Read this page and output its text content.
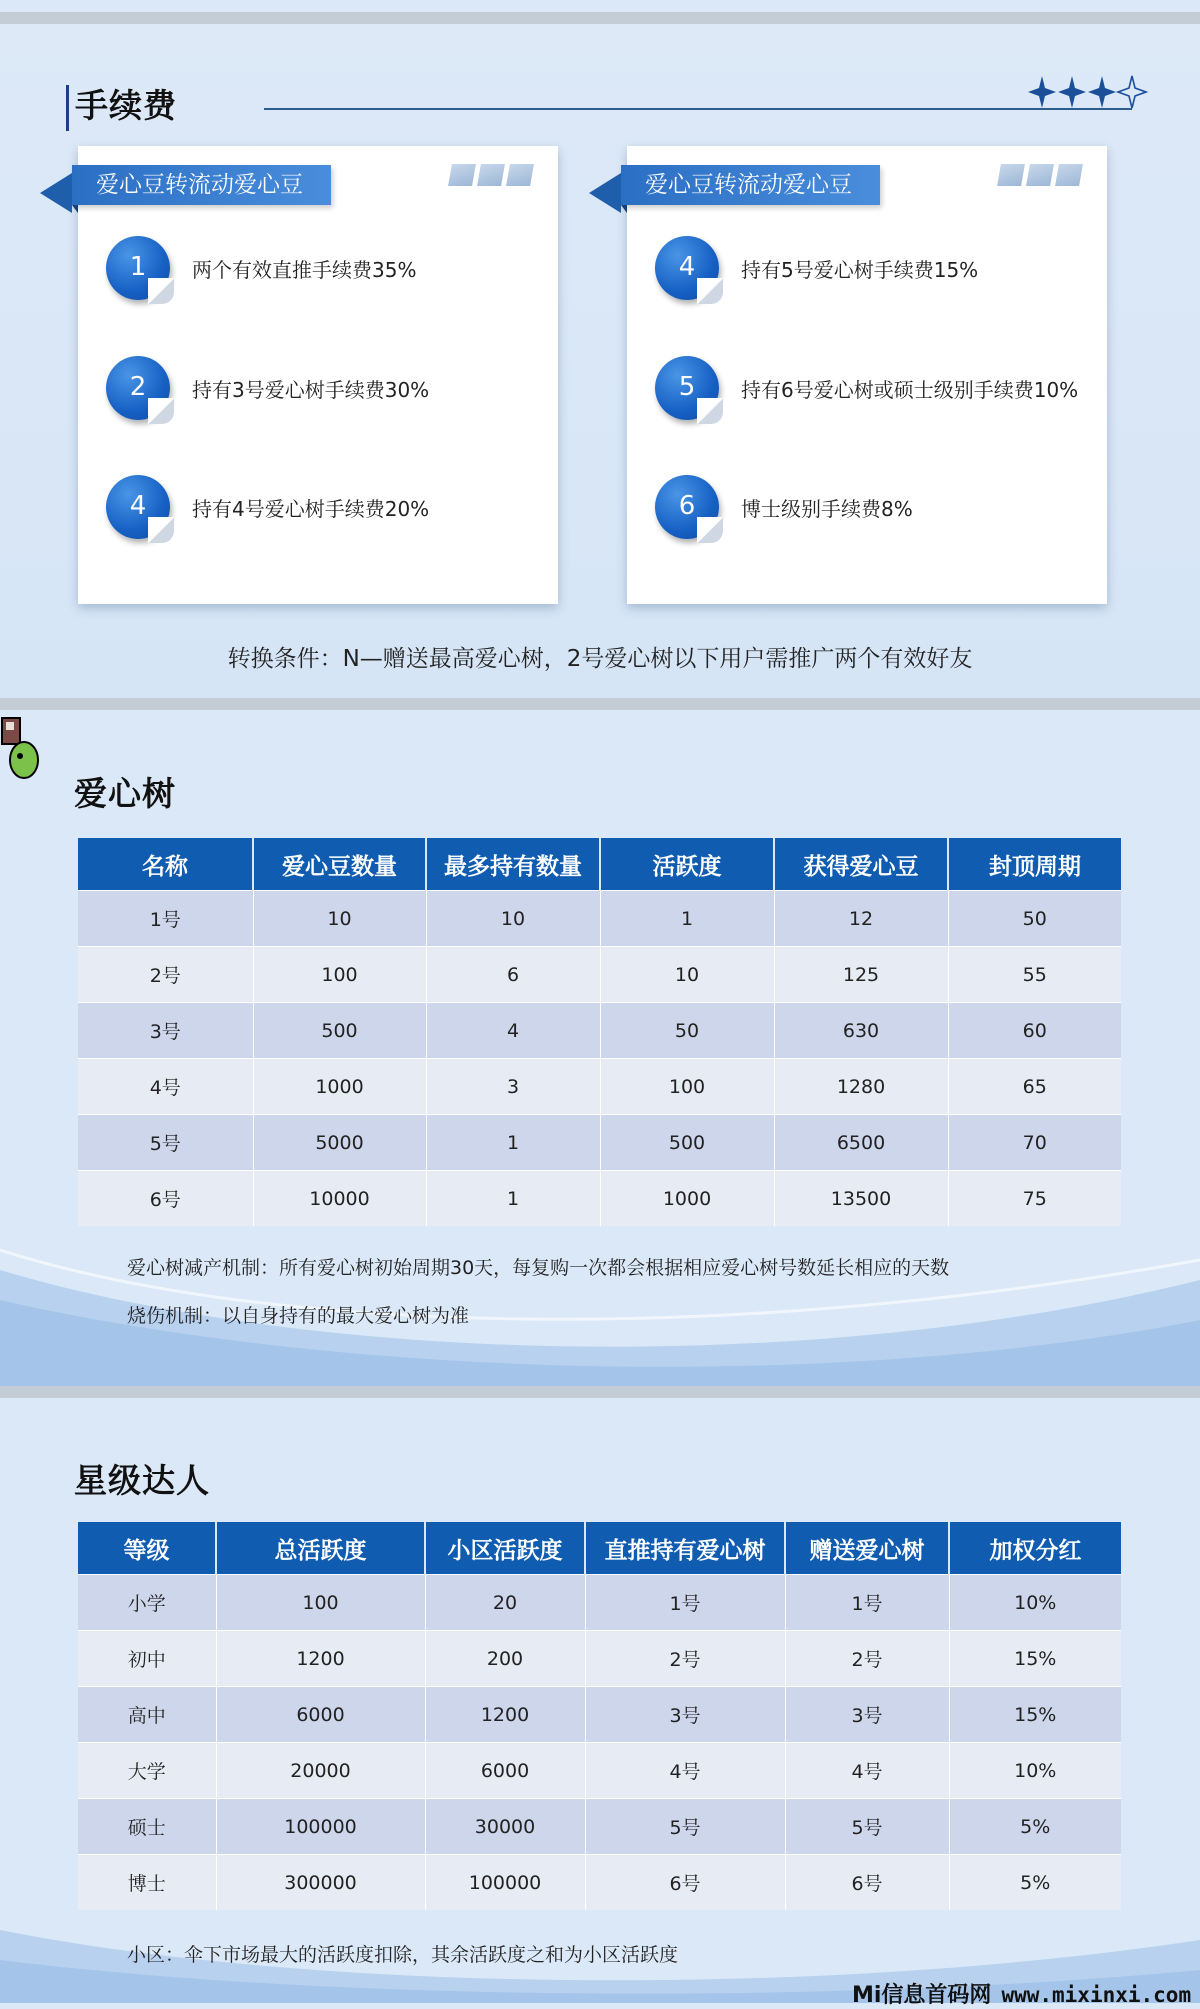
手续费
爱心豆转流动爱心豆
1	两个有效直推手续费35%
2	持有3号爱心树手续费30%
4	持有4号爱心树手续费20%
爱心豆转流动爱心豆
4	持有5号爱心树手续费15%
5	持有6号爱心树或硕士级别手续费10%
6	博士级别手续费8%
转换条件：N—赠送最高爱心树，2号爱心树以下用户需推广两个有效好友
爱心树
名称	爱心豆数量	最多持有数量	活跃度	获得爱心豆	封顶周期
1号	10	10	1	12	50
2号	100	6	10	125	55
3号	500	4	50	630	60
4号	1000	3	100	1280	65
5号	5000	1	500	6500	70
6号	10000	1	1000	13500	75
爱心树减产机制：所有爱心树初始周期30天，每复购一次都会根据相应爱心树号数延长相应的天数
烧伤机制：以自身持有的最大爱心树为准
星级达人
等级	总活跃度	小区活跃度	直推持有爱心树	赠送爱心树	加权分红
小学	100	20	1号	1号	10%
初中	1200	200	2号	2号	15%
高中	6000	1200	3号	3号	15%
大学	20000	6000	4号	4号	10%
硕士	100000	30000	5号	5号	5%
博士	300000	100000	6号	6号	5%
小区：伞下市场最大的活跃度扣除，其余活跃度之和为小区活跃度
Mi信息首码网 www.mixinxi.com
